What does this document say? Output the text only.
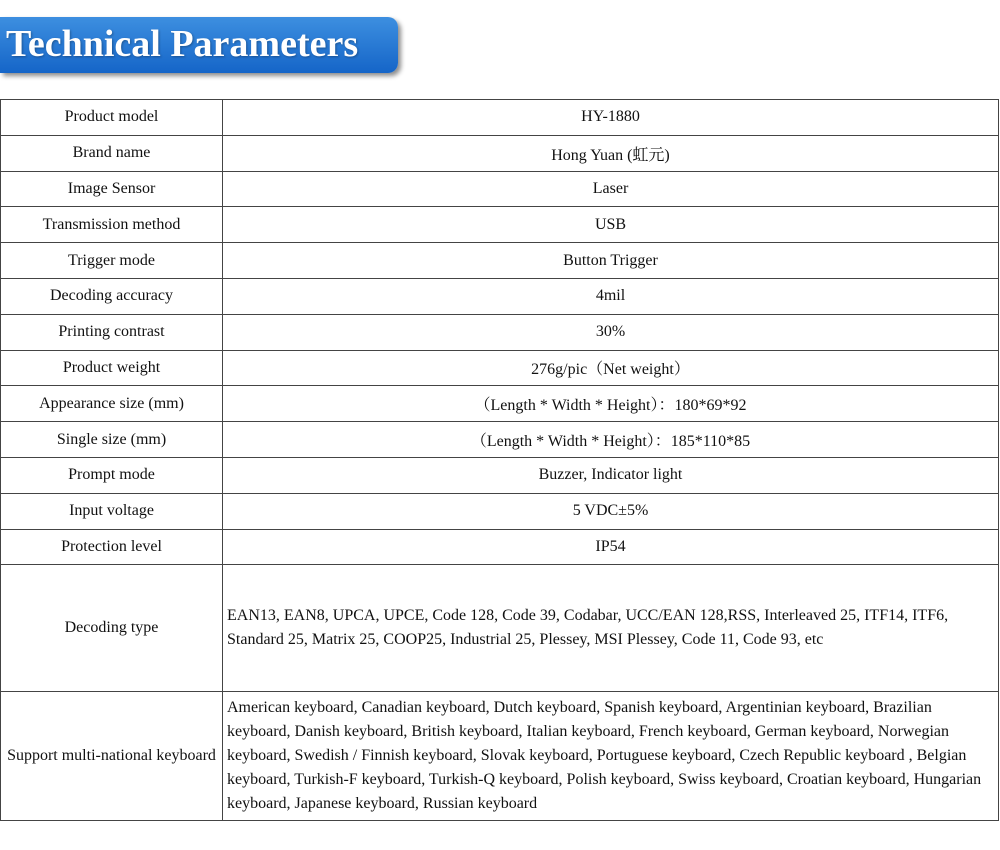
Technical Parameters
Product model	HY-1880
Brand name	Hong Yuan (虹元)
Image Sensor	Laser
Transmission method	USB
Trigger mode	Button Trigger
Decoding accuracy	4mil
Printing contrast	30%
Product weight	276g/pic（Net weight）
Appearance size (mm)	（Length * Width * Height）：180*69*92
Single size (mm)	（Length * Width * Height）：185*110*85
Prompt mode	Buzzer, Indicator light
Input voltage	5 VDC±5%
Protection level	IP54
Decoding type	EAN13, EAN8, UPCA, UPCE, Code 128, Code 39, Codabar, UCC/EAN 128,RSS, Interleaved 25, ITF14, ITF6, Standard 25, Matrix 25, COOP25, Industrial 25, Plessey, MSI Plessey, Code 11, Code 93, etc
Support multi-national keyboard	American keyboard, Canadian keyboard, Dutch keyboard, Spanish keyboard, Argentinian keyboard, Brazilian keyboard, Danish keyboard, British keyboard, Italian keyboard, French keyboard, German keyboard, Norwegian keyboard, Swedish / Finnish keyboard, Slovak keyboard, Portuguese keyboard, Czech Republic keyboard , Belgian keyboard, Turkish-F keyboard, Turkish-Q keyboard, Polish keyboard, Swiss keyboard, Croatian keyboard, Hungarian keyboard, Japanese keyboard, Russian keyboard
